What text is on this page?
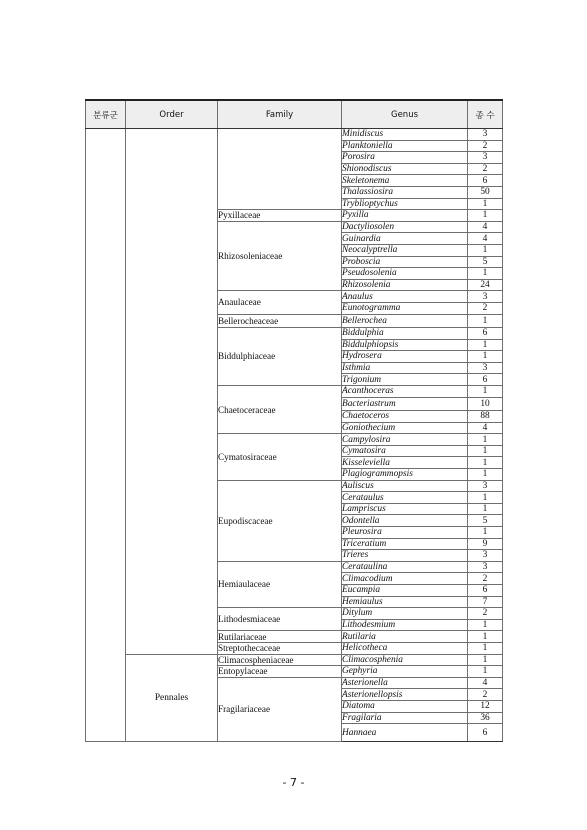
분류군	Order	Family	Genus	종 수
			Minidiscus	3
			Planktoniella	2
			Porosira	3
			Shionodiscus	2
			Skeletonema	6
			Thalassiosira	50
			Tryblioptychus	1
		Pyxillaceae	Pyxilla	1
		Rhizosoleniaceae	Dactyliosolen	4
			Guinardia	4
			Neocalyptrella	1
			Proboscia	5
			Pseudosolenia	1
			Rhizosolenia	24
		Anaulaceae	Anaulus	3
			Eunotogramma	2
		Bellerocheaceae	Bellerochea	1
		Biddulphiaceae	Biddulphia	6
			Biddulphiopsis	1
			Hydrosera	1
			Isthmia	3
			Trigonium	6
		Chaetoceraceae	Acanthoceras	1
			Bacteriastrum	10
			Chaetoceros	88
			Goniothecium	4
		Cymatosiraceae	Campylosira	1
			Cymatosira	1
			Kisseleviella	1
			Plagiogrammopsis	1
		Eupodiscaceae	Auliscus	3
			Cerataulus	1
			Lampriscus	1
			Odontella	5
			Pleurosira	1
			Triceratium	9
			Trieres	3
		Hemiaulaceae	Cerataulina	3
			Climacodium	2
			Eucampia	6
			Hemiaulus	7
		Lithodesmiaceae	Ditylum	2
			Lithodesmium	1
		Rutilariaceae	Rutilaria	1
		Streptothecaceae	Helicotheca	1
	Pennales	Climacospheniaceae	Climacosphenia	1
		Entopylaceae	Gephyria	1
		Fragilariaceae	Asterionella	4
			Asterionellopsis	2
			Diatoma	12
			Fragilaria	36
			Hannaea	6
- 7 -
